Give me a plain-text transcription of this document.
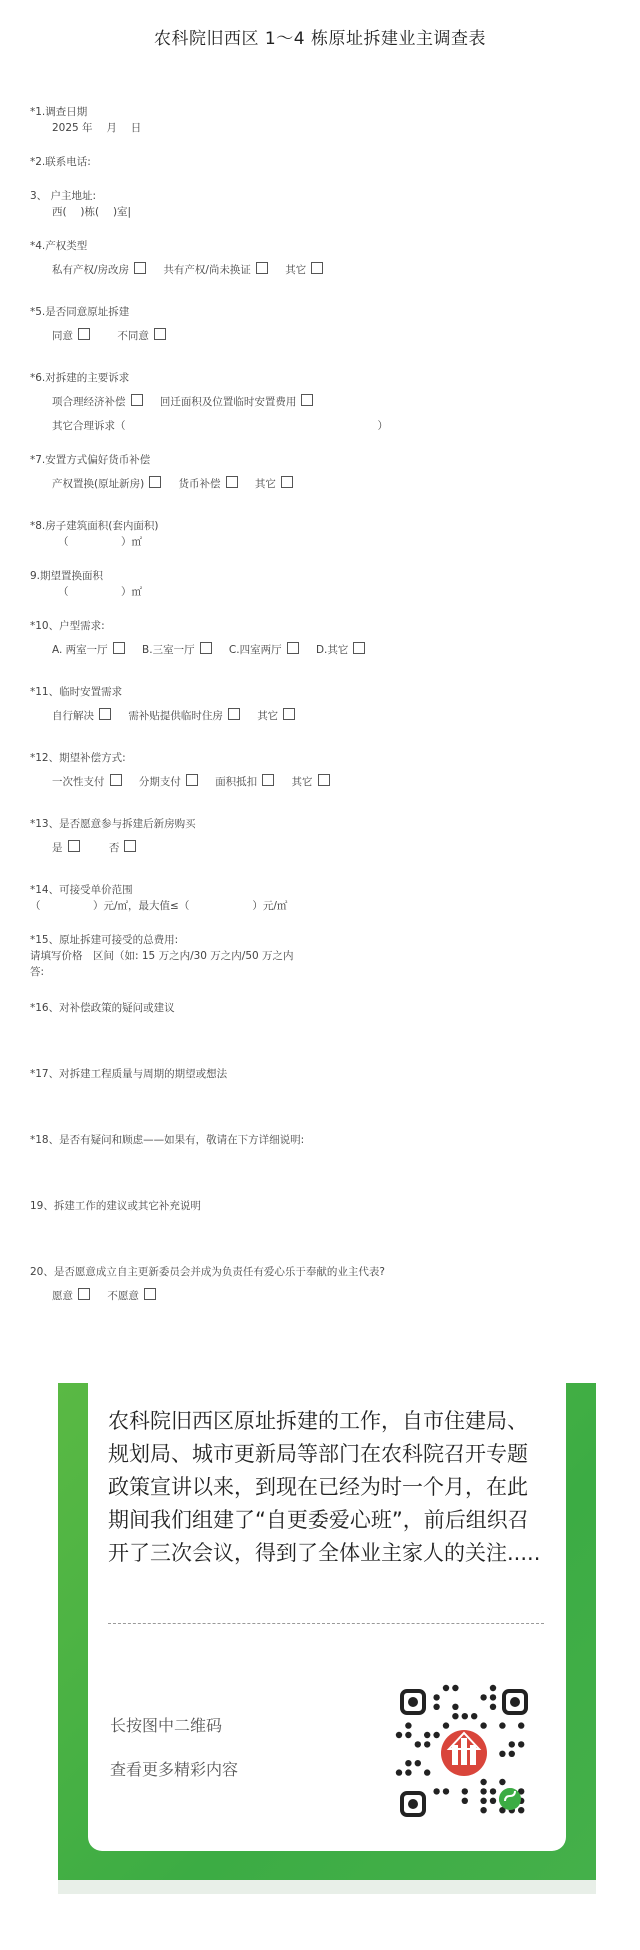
农科院旧西区 1～4 栋原址拆建业主调查表
*1.调查日期
2025 年　 月　 日
*2.联系电话:
3、 户主地址:
西(　 )栋(　 )室|
*4.产权类型
私有产权/房改房	共有产权/尚未换证	其它
*5.是否同意原址拆建
同意	不同意
*6.对拆建的主要诉求
项合理经济补偿	回迁面积及位置临时安置费用
其它合理诉求（　　　　　　　　　　　　　　　　　　　　　　　　）
*7.安置方式偏好货币补偿
产权置换(原址新房)	货币补偿	其它
*8.房子建筑面积(套内面积)
（　　　　　）㎡
9.期望置换面积
（　　　　　）㎡
*10、户型需求:
A. 两室一厅	B.三室一厅	C.四室两厅	D.其它
*11、临时安置需求
自行解决	需补贴提供临时住房	其它
*12、期望补偿方式:
一次性支付	分期支付	面积抵扣	其它
*13、是否愿意参与拆建后新房购买
是	否
*14、可接受单价范围
（　　　　　）元/㎡，最大值≤（　　　　　　）元/㎡
*15、原址拆建可接受的总费用:
请填写价格　区间（如: 15 万之内/30 万之内/50 万之内
答:
*16、对补偿政策的疑问或建议
*17、对拆建工程质量与周期的期望或想法
*18、是否有疑问和顾虑——如果有，敬请在下方详细说明:
19、拆建工作的建议或其它补充说明
20、是否愿意成立自主更新委员会并成为负责任有爱心乐于奉献的业主代表?
愿意	不愿意
农科院旧西区原址拆建的工作，自市住建局、规划局、城市更新局等部门在农科院召开专题政策宣讲以来，到现在已经为时一个月，在此期间我们组建了“自更委爱心班”，前后组织召开了三次会议，得到了全体业主家人的关注.....
长按图中二维码
查看更多精彩内容
